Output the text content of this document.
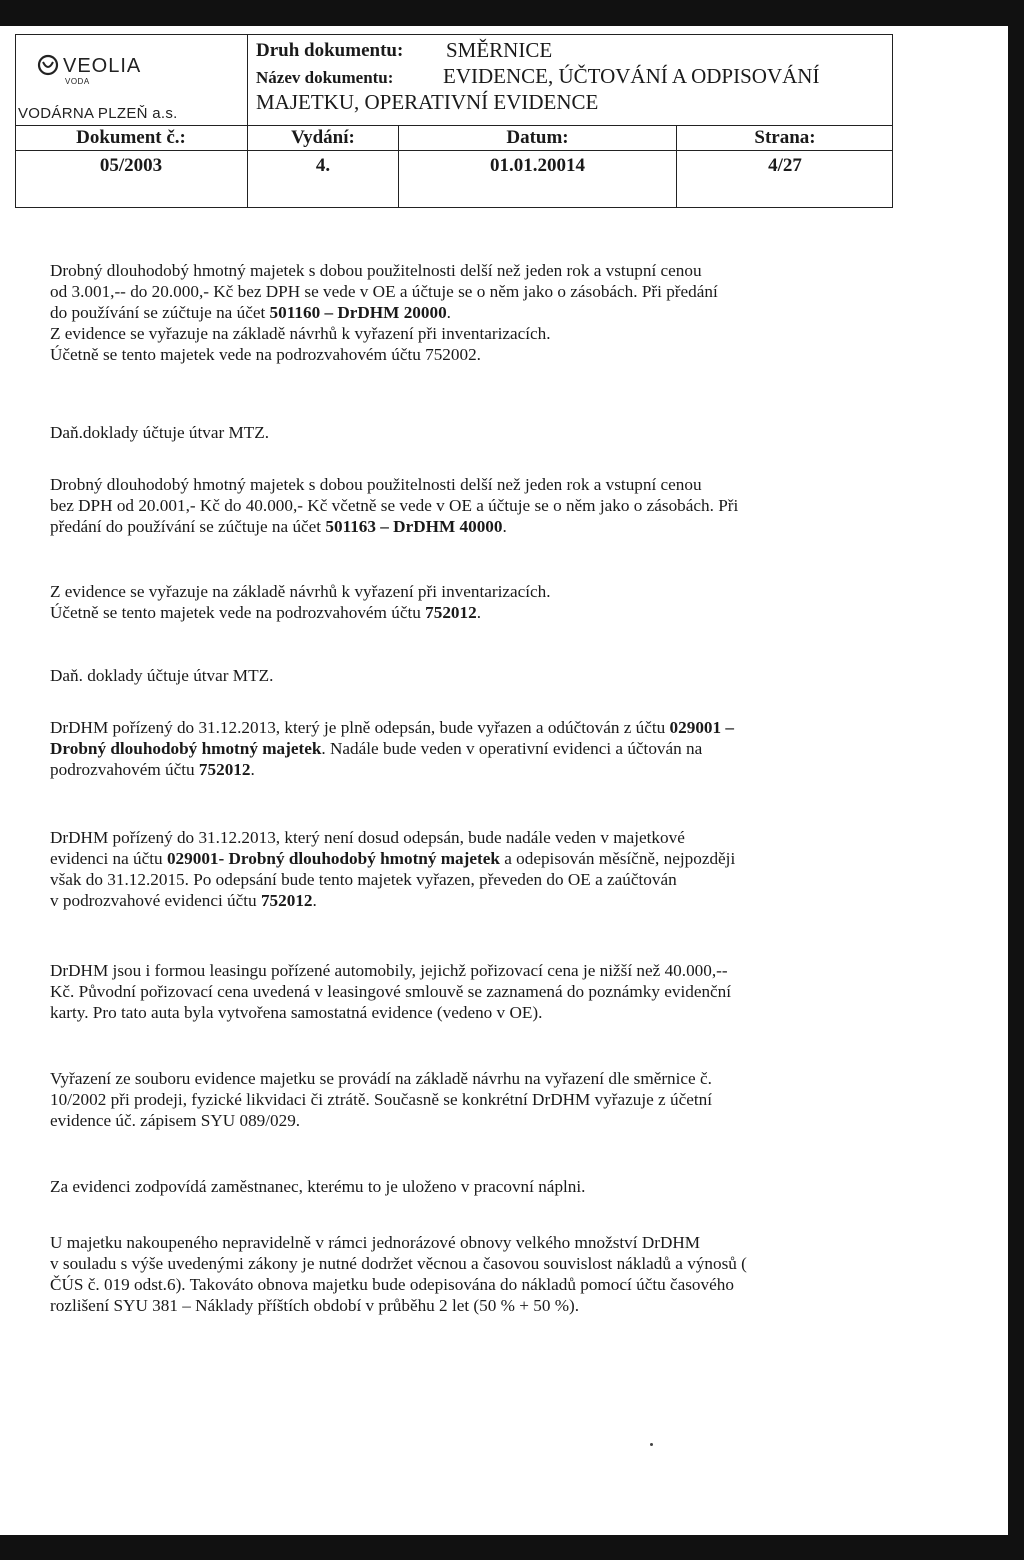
VEOLIA
VODA
VODÁRNA PLZEŇ a.s.
Druh dokumentu: SMĚRNICE
Název dokumentu: EVIDENCE, ÚČTOVÁNÍ A ODPISOVÁNÍ
MAJETKU, OPERATIVNÍ EVIDENCE
Dokument č.:	Vydání:	Datum:	Strana:
05/2003	4.	01.01.20014	4/27
Drobný dlouhodobý hmotný majetek s dobou použitelnosti delší než jeden rok a vstupní cenou
od 3.001,-- do 20.000,- Kč bez DPH se vede v OE a účtuje se o něm jako o zásobách. Při předání
do používání se zúčtuje na účet 501160 – DrDHM 20000.
Z evidence se vyřazuje na základě návrhů k vyřazení při inventarizacích.
Účetně se tento majetek vede na podrozvahovém účtu 752002.
Daň.doklady účtuje útvar MTZ.
Drobný dlouhodobý hmotný majetek s dobou použitelnosti delší než jeden rok a vstupní cenou
bez DPH od 20.001,- Kč do 40.000,- Kč včetně se vede v OE a účtuje se o něm jako o zásobách. Při
předání do používání se zúčtuje na účet 501163 – DrDHM 40000.
Z evidence se vyřazuje na základě návrhů k vyřazení při inventarizacích.
Účetně se tento majetek vede na podrozvahovém účtu 752012.
Daň. doklady účtuje útvar MTZ.
DrDHM pořízený do 31.12.2013, který je plně odepsán, bude vyřazen a odúčtován z účtu 029001 –
Drobný dlouhodobý hmotný majetek. Nadále bude veden v operativní evidenci a účtován na
podrozvahovém účtu 752012.
DrDHM pořízený do 31.12.2013, který není dosud odepsán, bude nadále veden v majetkové
evidenci na účtu 029001- Drobný dlouhodobý hmotný majetek a odepisován měsíčně, nejpozději
však do 31.12.2015. Po odepsání bude tento majetek vyřazen, převeden do OE a zaúčtován
v podrozvahové evidenci účtu 752012.
DrDHM jsou i formou leasingu pořízené automobily, jejichž pořizovací cena je nižší než 40.000,--
Kč. Původní pořizovací cena uvedená v leasingové smlouvě se zaznamená do poznámky evidenční
karty. Pro tato auta byla vytvořena samostatná evidence (vedeno v OE).
Vyřazení ze souboru evidence majetku se provádí na základě návrhu na vyřazení dle směrnice č.
10/2002 při prodeji, fyzické likvidaci či ztrátě. Současně se konkrétní DrDHM vyřazuje z účetní
evidence úč. zápisem SYU 089/029.
Za evidenci zodpovídá zaměstnanec, kterému to je uloženo v pracovní náplni.
U majetku nakoupeného nepravidelně v rámci jednorázové obnovy velkého množství DrDHM
v souladu s výše uvedenými zákony je nutné dodržet věcnou a časovou souvislost nákladů a výnosů (
ČÚS č. 019 odst.6). Takováto obnova majetku bude odepisována do nákladů pomocí účtu časového
rozlišení SYU 381 – Náklady příštích období v průběhu 2 let (50 % + 50 %).
